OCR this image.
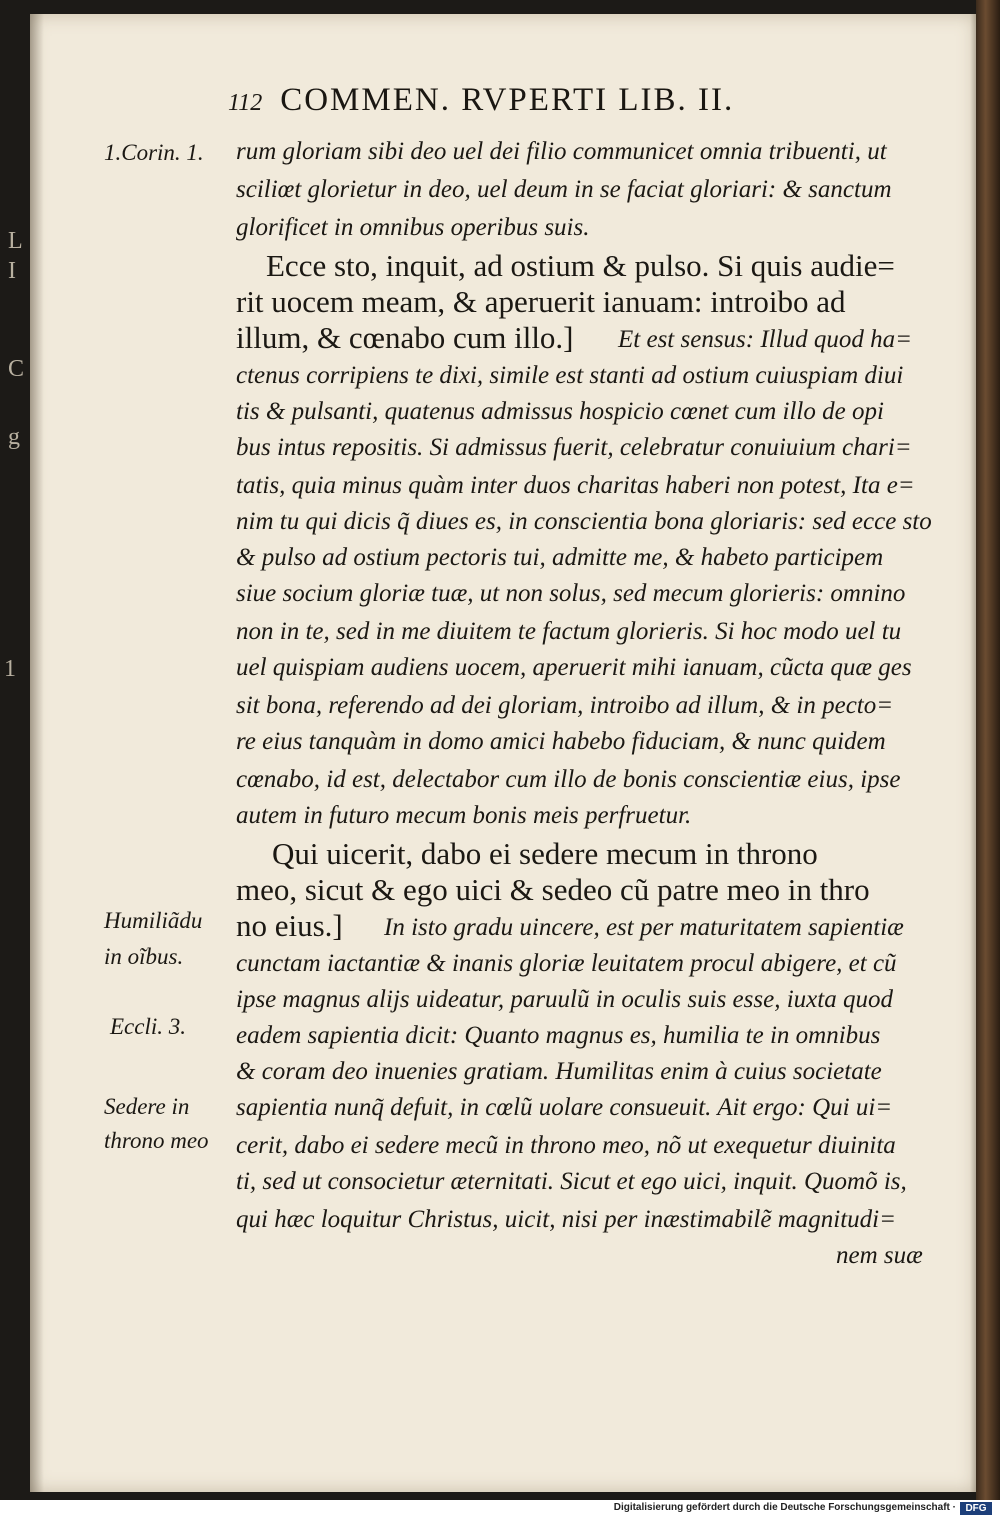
L
I
C
g
1
112 COMMEN. RVPERTI LIB. II.
1.Corin. 1.
Humiliãdu
in oĩbus.
Eccli. 3.
Sedere in
throno meo
rum gloriam sibi deo uel dei filio communicet omnia tribuenti, ut
sciliœt glorietur in deo, uel deum in se faciat gloriari: & sanctum
glorificet in omnibus operibus suis.
Ecce sto, inquit, ad ostium & pulso. Si quis audie=
rit uocem meam, & aperuerit ianuam: introibo ad
illum, & cœnabo cum illo.] Et est sensus: Illud quod ha=
ctenus corripiens te dixi, simile est stanti ad ostium cuiuspiam diui
tis & pulsanti, quatenus admissus hospicio cœnet cum illo de opi
bus intus repositis. Si admissus fuerit, celebratur conuiuium chari=
tatis, quia minus quàm inter duos charitas haberi non potest, Ita e=
nim tu qui dicis q̃ diues es, in conscientia bona gloriaris: sed ecce sto
& pulso ad ostium pectoris tui, admitte me, & habeto participem
siue socium gloriæ tuæ, ut non solus, sed mecum glorieris: omnino
non in te, sed in me diuitem te factum glorieris. Si hoc modo uel tu
uel quispiam audiens uocem, aperuerit mihi ianuam, cũcta quæ ges
sit bona, referendo ad dei gloriam, introibo ad illum, & in pecto=
re eius tanquàm in domo amici habebo fiduciam, & nunc quidem
cœnabo, id est, delectabor cum illo de bonis conscientiæ eius, ipse
autem in futuro mecum bonis meis perfruetur.
Qui uicerit, dabo ei sedere mecum in throno
meo, sicut & ego uici & sedeo cũ patre meo in thro
no eius.] In isto gradu uincere, est per maturitatem sapientiæ
cunctam iactantiæ & inanis gloriæ leuitatem procul abigere, et cũ
ipse magnus alijs uideatur, paruulũ in oculis suis esse, iuxta quod
eadem sapientia dicit: Quanto magnus es, humilia te in omnibus
& coram deo inuenies gratiam. Humilitas enim à cuius societate
sapientia nunq̃ defuit, in cœlũ uolare consueuit. Ait ergo: Qui ui=
cerit, dabo ei sedere mecũ in throno meo, nõ ut exequetur diuinita
ti, sed ut consocietur æternitati. Sicut et ego uici, inquit. Quomõ is,
qui hæc loquitur Christus, uicit, nisi per inæstimabilẽ magnitudi=
nem suæ
Digitalisierung gefördert durch die Deutsche Forschungsgemeinschaft · DFG
